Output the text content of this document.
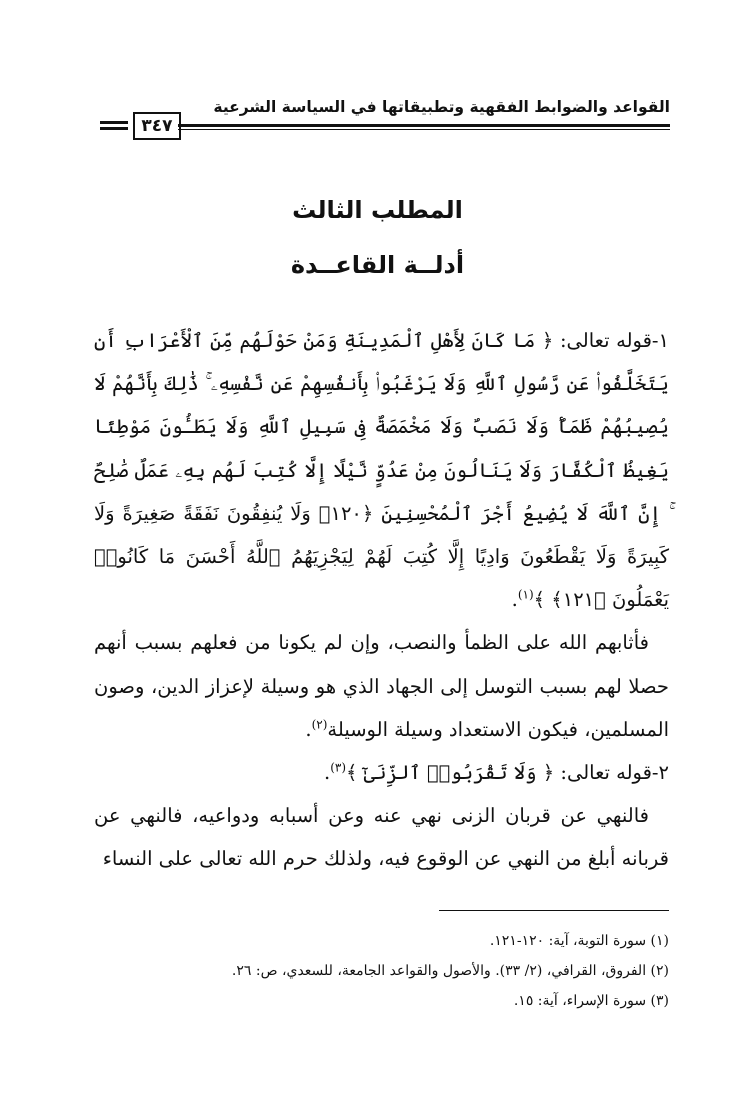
القواعد والضوابط الفقهية وتطبيقاتها في السياسة الشرعية
٣٤٧
المطلب الثالث
أدلــة القاعــدة

١-قوله تعالى: ﴿ مَا كَانَ لِأَهْلِ ٱلْمَدِينَةِ وَمَنْ حَوْلَهُم مِّنَ ٱلْأَعْرَابِ أَن يَتَخَلَّفُوا۟ عَن رَّسُولِ ٱللَّهِ وَلَا يَرْغَبُوا۟ بِأَنفُسِهِمْ عَن نَّفْسِهِۦ ۚ ذَٰلِكَ بِأَنَّهُمْ لَا يُصِيبُهُمْ ظَمَأٌ وَلَا نَصَبٌ وَلَا مَخْمَصَةٌ فِى سَبِيلِ ٱللَّهِ وَلَا يَطَـُٔونَ مَوْطِئًا يَغِيظُ ٱلْكُفَّارَ وَلَا يَنَالُونَ مِنْ عَدُوٍّ نَّيْلًا إِلَّا كُتِبَ لَهُم بِهِۦ عَمَلٌ صَٰلِحٌ ۚ إِنَّ ٱللَّهَ لَا يُضِيعُ أَجْرَ ٱلْمُحْسِنِينَ ﴿١٢٠﴾ وَلَا يُنفِقُونَ نَفَقَةً صَغِيرَةً وَلَا كَبِيرَةً وَلَا يَقْطَعُونَ وَادِيًا إِلَّا كُتِبَ لَهُمْ لِيَجْزِيَهُمُ ٱللَّهُ أَحْسَنَ مَا كَانُوا۟ يَعْمَلُونَ ﴿١٢١﴾ ﴾$^{(١)}$.

فأثابهم الله على الظمأ والنصب، وإن لم يكونا من فعلهم بسبب أنهم حصلا لهم بسبب التوسل إلى الجهاد الذي هو وسيلة لإعزاز الدين، وصون المسلمين، فيكون الاستعداد وسيلة الوسيلة$^{(٢)}$.

٢-قوله تعالى: ﴿ وَلَا تَقْرَبُوا۟ ٱلزِّنَىٰٓ ﴾$^{(٣)}$.

فالنهي عن قربان الزنى نهي عنه وعن أسبابه ودواعيه، فالنهي عن قربانه أبلغ من النهي عن الوقوع فيه، ولذلك حرم الله تعالى على النساء

(١) سورة التوبة، آية: ١٢٠-١٢١.
(٢) الفروق، القرافي، (٢/ ٣٣). والأصول والقواعد الجامعة، للسعدي، ص: ٢٦.
(٣) سورة الإسراء، آية: ١٥.
